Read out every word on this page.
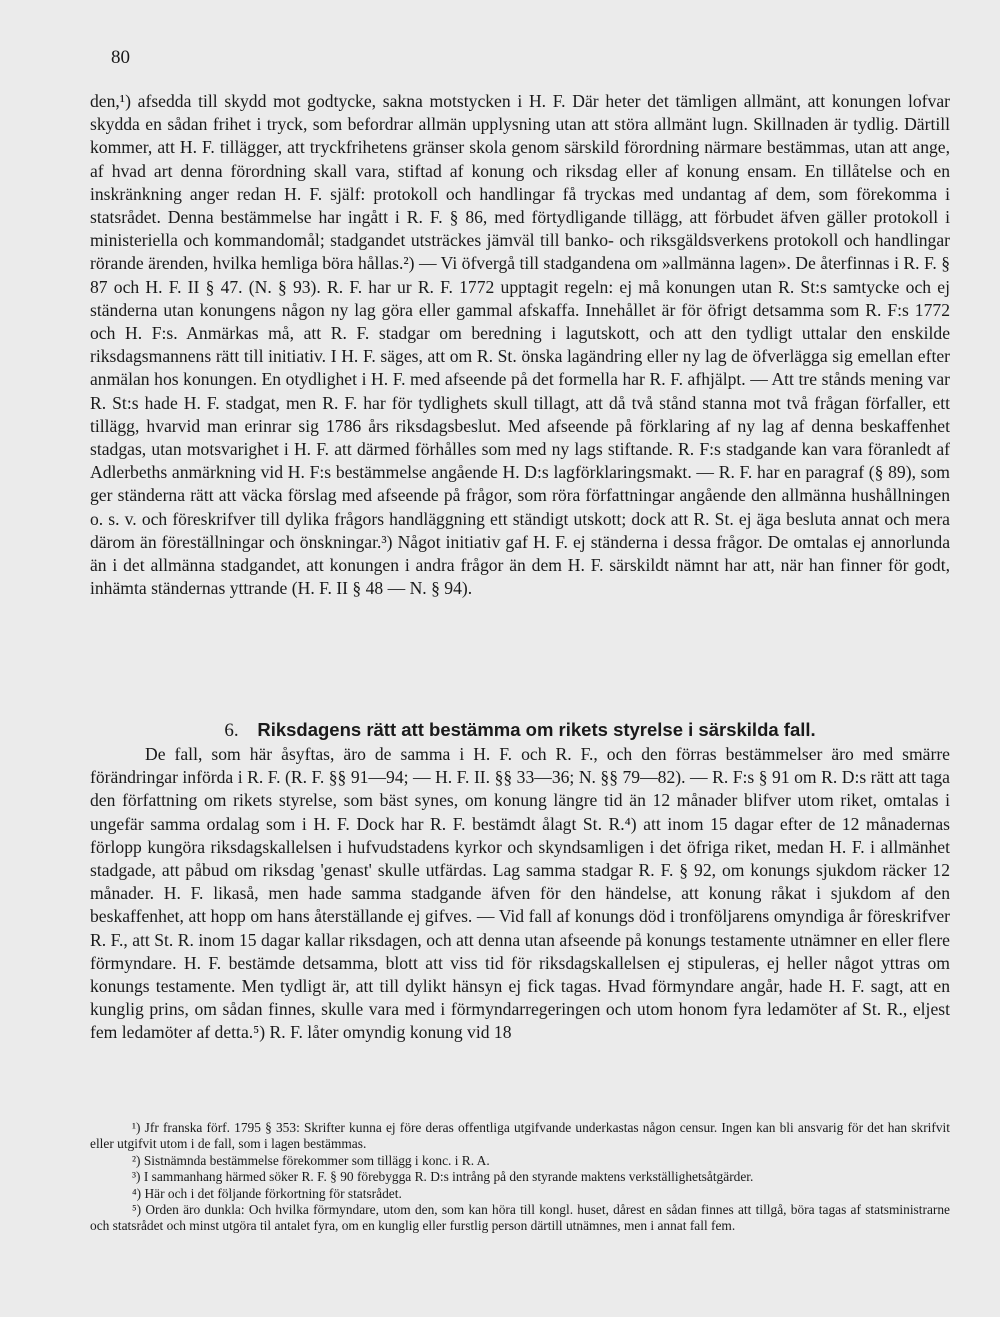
80

den,¹) afsedda till skydd mot godtycke, sakna motstycken i H. F. Där heter det tämligen allmänt, att konungen lofvar skydda en sådan frihet i tryck, som befordrar allmän upplysning utan att störa allmänt lugn. Skillnaden är tydlig. Därtill kommer, att H. F. tillägger, att tryckfrihetens gränser skola genom särskild förordning närmare bestämmas, utan att ange, af hvad art denna förordning skall vara, stiftad af konung och riksdag eller af konung ensam. En tillåtelse och en inskränkning anger redan H. F. själf: protokoll och handlingar få tryckas med undantag af dem, som förekomma i statsrådet. Denna bestämmelse har ingått i R. F. § 86, med förtydligande tillägg, att förbudet äfven gäller protokoll i ministeriella och kommandomål; stadgandet utsträckes jämväl till banko- och riksgäldsverkens protokoll och handlingar rörande ärenden, hvilka hemliga böra hållas.²) — Vi öfvergå till stadgandena om »allmänna lagen». De återfinnas i R. F. § 87 och H. F. II § 47. (N. § 93). R. F. har ur R. F. 1772 upptagit regeln: ej må konungen utan R. St:s samtycke och ej ständerna utan konungens någon ny lag göra eller gammal afskaffa. Innehållet är för öfrigt detsamma som R. F:s 1772 och H. F:s. Anmärkas må, att R. F. stadgar om beredning i lagutskott, och att den tydligt uttalar den enskilde riksdagsmannens rätt till initiativ. I H. F. säges, att om R. St. önska lagändring eller ny lag de öfverlägga sig emellan efter anmälan hos konungen. En otydlighet i H. F. med afseende på det formella har R. F. afhjälpt. — Att tre stånds mening var R. St:s hade H. F. stadgat, men R. F. har för tydlighets skull tillagt, att då två stånd stanna mot två frågan förfaller, ett tillägg, hvarvid man erinrar sig 1786 års riksdagsbeslut. Med afseende på förklaring af ny lag af denna beskaffenhet stadgas, utan motsvarighet i H. F. att därmed förhålles som med ny lags stiftande. R. F:s stadgande kan vara föranledt af Adlerbeths anmärkning vid H. F:s bestämmelse angående H. D:s lagförklaringsmakt. — R. F. har en paragraf (§ 89), som ger ständerna rätt att väcka förslag med afseende på frågor, som röra författningar angående den allmänna hushållningen o. s. v. och föreskrifver till dylika frågors handläggning ett ständigt utskott; dock att R. St. ej äga besluta annat och mera därom än föreställningar och önskningar.³) Något initiativ gaf H. F. ej ständerna i dessa frågor. De omtalas ej annorlunda än i det allmänna stadgandet, att konungen i andra frågor än dem H. F. särskildt nämnt har att, när han finner för godt, inhämta ständernas yttrande (H. F. II § 48 — N. § 94).

6. Riksdagens rätt att bestämma om rikets styrelse i särskilda fall.

De fall, som här åsyftas, äro de samma i H. F. och R. F., och den förras bestämmelser äro med smärre förändringar införda i R. F. (R. F. §§ 91—94; — H. F. II. §§ 33—36; N. §§ 79—82). — R. F:s § 91 om R. D:s rätt att taga den författning om rikets styrelse, som bäst synes, om konung längre tid än 12 månader blifver utom riket, omtalas i ungefär samma ordalag som i H. F. Dock har R. F. bestämdt ålagt St. R.⁴) att inom 15 dagar efter de 12 månadernas förlopp kungöra riksdagskallelsen i hufvudstadens kyrkor och skyndsamligen i det öfriga riket, medan H. F. i allmänhet stadgade, att påbud om riksdag 'genast' skulle utfärdas. Lag samma stadgar R. F. § 92, om konungs sjukdom räcker 12 månader. H. F. likaså, men hade samma stadgande äfven för den händelse, att konung råkat i sjukdom af den beskaffenhet, att hopp om hans återställande ej gifves. — Vid fall af konungs död i tronföljarens omyndiga år föreskrifver R. F., att St. R. inom 15 dagar kallar riksdagen, och att denna utan afseende på konungs testamente utnämner en eller flere förmyndare. H. F. bestämde detsamma, blott att viss tid för riksdagskallelsen ej stipuleras, ej heller något yttras om konungs testamente. Men tydligt är, att till dylikt hänsyn ej fick tagas. Hvad förmyndare angår, hade H. F. sagt, att en kunglig prins, om sådan finnes, skulle vara med i förmyndarregeringen och utom honom fyra ledamöter af St. R., eljest fem ledamöter af detta.⁵) R. F. låter omyndig konung vid 18

¹) Jfr franska förf. 1795 § 353: Skrifter kunna ej före deras offentliga utgifvande underkastas någon censur. Ingen kan bli ansvarig för det han skrifvit eller utgifvit utom i de fall, som i lagen bestämmas.

²) Sistnämnda bestämmelse förekommer som tillägg i konc. i R. A.

³) I sammanhang härmed söker R. F. § 90 förebygga R. D:s intrång på den styrande maktens verkställighetsåtgärder.

⁴) Här och i det följande förkortning för statsrådet.

⁵) Orden äro dunkla: Och hvilka förmyndare, utom den, som kan höra till kongl. huset, dårest en sådan finnes att tillgå, böra tagas af statsministrarne och statsrådet och minst utgöra til antalet fyra, om en kunglig eller furstlig person därtill utnämnes, men i annat fall fem.
